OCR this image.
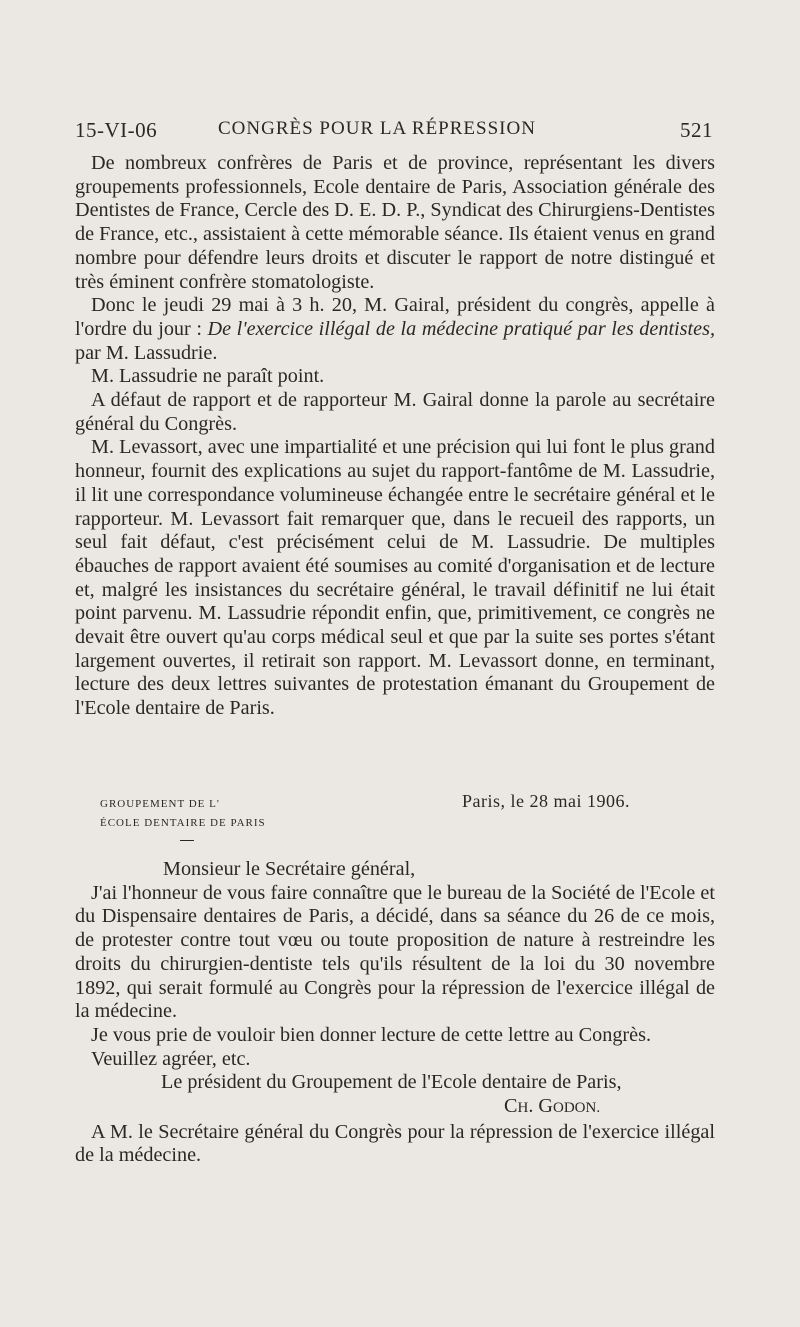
15-VI-06	CONGRÈS POUR LA RÉPRESSION	521

De nombreux confrères de Paris et de province, représentant les divers groupements professionnels, Ecole dentaire de Paris, Association générale des Dentistes de France, Cercle des D. E. D. P., Syndicat des Chirurgiens-Dentistes de France, etc., assistaient à cette mémorable séance. Ils étaient venus en grand nombre pour défendre leurs droits et discuter le rapport de notre distingué et très éminent confrère stomatologiste.

Donc le jeudi 29 mai à 3 h. 20, M. Gairal, président du congrès, appelle à l'ordre du jour : De l'exercice illégal de la médecine pratiqué par les dentistes, par M. Lassudrie.

M. Lassudrie ne paraît point.

A défaut de rapport et de rapporteur M. Gairal donne la parole au secrétaire général du Congrès.

M. Levassort, avec une impartialité et une précision qui lui font le plus grand honneur, fournit des explications au sujet du rapport-fantôme de M. Lassudrie, il lit une correspondance volumineuse échangée entre le secrétaire général et le rapporteur. M. Levassort fait remarquer que, dans le recueil des rapports, un seul fait défaut, c'est précisément celui de M. Lassudrie. De multiples ébauches de rapport avaient été soumises au comité d'organisation et de lecture et, malgré les insistances du secrétaire général, le travail définitif ne lui était point parvenu. M. Lassudrie répondit enfin, que, primitivement, ce congrès ne devait être ouvert qu'au corps médical seul et que par la suite ses portes s'étant largement ouvertes, il retirait son rapport. M. Levassort donne, en terminant, lecture des deux lettres suivantes de protestation émanant du Groupement de l'Ecole dentaire de Paris.

GROUPEMENT DE L'
ÉCOLE DENTAIRE DE PARIS
Paris, le 28 mai 1906.

Monsieur le Secrétaire général,

J'ai l'honneur de vous faire connaître que le bureau de la Société de l'Ecole et du Dispensaire dentaires de Paris, a décidé, dans sa séance du 26 de ce mois, de protester contre tout vœu ou toute proposition de nature à restreindre les droits du chirurgien-dentiste tels qu'ils résultent de la loi du 30 novembre 1892, qui serait formulé au Congrès pour la répression de l'exercice illégal de la médecine.

Je vous prie de vouloir bien donner lecture de cette lettre au Congrès.

Veuillez agréer, etc.

Le président du Groupement de l'Ecole dentaire de Paris,

CH. GODON.

A M. le Secrétaire général du Congrès pour la répression de l'exercice illégal de la médecine.
